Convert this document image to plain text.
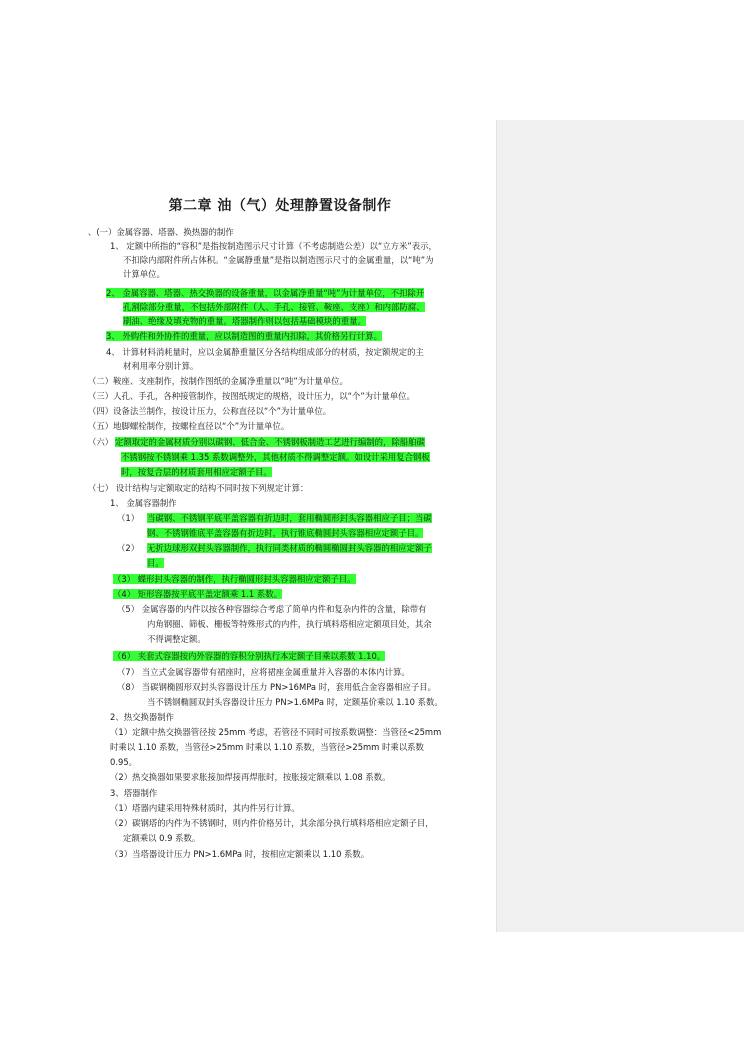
第二章 油（气）处理静置设备制作
、(一）金属容器、塔器、换热器的制作
1、 定额中所指的“容积”是指按制造图示尺寸计算（不考虑制造公差）以“立方米”表示，
不扣除内部附件所占体积。“金属静重量”是指以制造图示尺寸的金属重量，以“吨”为
计算单位。
2、 金属容器、塔器、热交换器的设备重量，以金属净重量“吨”为计量单位，不扣除开
孔割除部分重量，不包括外部附件（人、手孔、接管、鞍座、支座）和内部防腐、
刷油、绝缘及填充物的重量。塔器制作则以包括基础模块的重量。
3、 外购件和外协件的重量，应以制造图的重量内扣除，其价格另行计算。
4、 计算材料消耗量时，应以金属静重量区分各结构组成部分的材质，按定额规定的主
材利用率分别计算。
（二）鞍座、支座制作，按制作图纸的金属净重量以“吨”为计量单位。
（三）人孔、手孔，各种接管制作，按图纸规定的规格，设计压力，以“个”为计量单位。
（四）设备法兰制作，按设计压力，公称直径以“个”为计量单位。
（五）地脚螺栓制作，按螺栓直径以“个”为计量单位。
（六） 定额取定的金属材质分别以碳钢、低合金、不锈钢板制造工艺进行编制的，除船舶碳
不锈钢按不锈钢乘 1.35 系数调整外，其他材质不得调整定额。如设计采用复合钢板
时，按复合层的材质套用相应定额子目。
（七） 设计结构与定额取定的结构不同时按下列规定计算：
1、 金属容器制作
（1） 当碳钢、不锈钢平底平盖容器有折边时，套用椭圆形封头容器相应子目；当碳
钢、不锈钢锥底平盖容器有折边时，执行锥底椭圆封头容器相应定额子目。
（2） 无折边球形双封头容器制作，执行同类材质的椭圆椭圆封头容器的相应定额子
目。
（3） 蝶形封头容器的制作，执行椭圆形封头容器相应定额子目。
（4） 矩形容器按平底平盖定额乘 1.1 系数。
（5） 金属容器的内件以按各种容器综合考虑了简单内件和复杂内件的含量，除带有
内角钢圈、筛板、栅板等特殊形式的内件，执行填料塔相应定额项目处，其余
不得调整定额。
（6） 夹套式容器按内外容器的容积分别执行本定额子目乘以系数 1.10。
（7） 当立式金属容器带有裙座时，应将裙座金属重量并入容器的本体内计算。
（8） 当碳钢椭圆形双封头容器设计压力 PN>16MPa 时，套用低合金容器相应子目。
当不锈钢椭圆双封头容器设计压力 PN>1.6MPa 时，定额基价乘以 1.10 系数。
2、热交换器制作
（1）定额中热交换器管径按 25mm 考虑，若管径不同时可按系数调整：当管径<25mm
时乘以 1.10 系数，当管径>25mm 时乘以 1.10 系数，当管径>25mm 时乘以系数
0.95。
（2）热交换器如果要求胀接加焊接再焊胀时，按胀接定额乘以 1.08 系数。
3、塔器制作
（1）塔器内建采用特殊材质时，其内件另行计算。
（2）碳钢塔的内件为不锈钢时，则内件价格另计，其余部分执行填料塔相应定额子目，
定额乘以 0.9 系数。
（3）当塔器设计压力 PN>1.6MPa 时，按相应定额乘以 1.10 系数。
